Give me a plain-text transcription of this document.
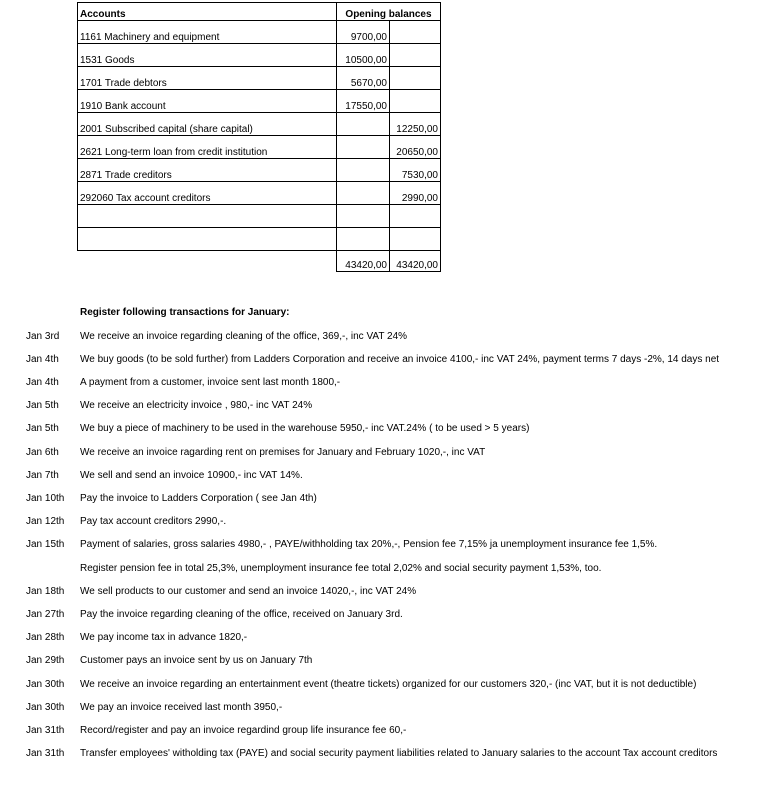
Accounts	Opening balances	
1161 Machinery and equipment	9700,00	
1531 Goods	10500,00	
1701 Trade debtors	5670,00	
1910 Bank account	17550,00	
2001 Subscribed capital (share capital)		12250,00
2621 Long-term loan from credit institution		20650,00
2871 Trade creditors		7530,00
292060 Tax account creditors		2990,00

	43420,00	43420,00
Register following transactions for January:
Jan 3rd We receive an invoice regarding cleaning of the office, 369,-, inc VAT 24%
Jan 4th We buy goods (to be sold further) from Ladders Corporation and receive an invoice 4100,- inc VAT 24%, payment terms 7 days -2%, 14 days net
Jan 4th A payment from a customer, invoice sent last month 1800,-
Jan 5th We receive an electricity invoice , 980,- inc VAT 24%
Jan 5th We buy a piece of machinery to be used in the warehouse 5950,- inc VAT.24% ( to be used > 5 years)
Jan 6th We receive an invoice ragarding rent on premises for January and February 1020,-, inc VAT
Jan 7th We sell and send an invoice 10900,- inc VAT 14%.
Jan 10th Pay the invoice to Ladders Corporation ( see Jan 4th)
Jan 12th Pay tax account creditors 2990,-.
Jan 15th Payment of salaries, gross salaries 4980,- , PAYE/withholding tax 20%,-, Pension fee 7,15% ja unemployment insurance fee 1,5%.
Register pension fee in total 25,3%, unemployment insurance fee total 2,02% and social security payment 1,53%, too.
Jan 18th We sell products to our customer and send an invoice 14020,-, inc VAT 24%
Jan 27th Pay the invoice regarding cleaning of the office, received on January 3rd.
Jan 28th We pay income tax in advance 1820,-
Jan 29th Customer pays an invoice sent by us on January 7th
Jan 30th We receive an invoice regarding an entertainment event (theatre tickets) organized for our customers 320,- (inc VAT, but it is not deductible)
Jan 30th We pay an invoice received last month 3950,-
Jan 31th Record/register and pay an invoice regardind group life insurance fee 60,-
Jan 31th Transfer employees' witholding tax (PAYE) and social security payment liabilities related to January salaries to the account Tax account creditors
